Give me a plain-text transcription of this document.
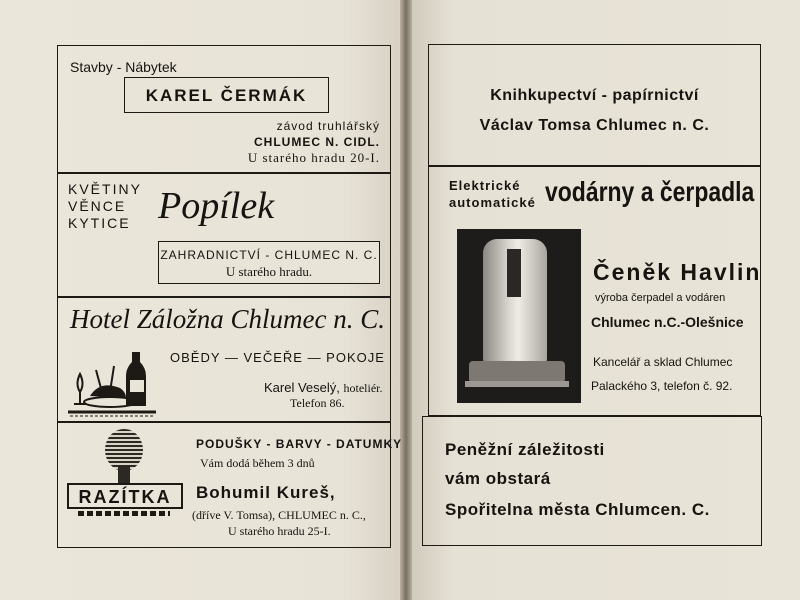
Stavby - Nábytek
KAREL ČERMÁK
závod truhlářský
CHLUMEC N. CIDL.
U starého hradu 20-I.
KVĚTINY
VĚNCE
KYTICE Popílek
ZAHRADNICTVÍ - CHLUMEC N. C.
U starého hradu.
Hotel Záložna Chlumec n. C.
OBĚDY — VEČEŘE — POKOJE
Karel Veselý, hoteliér.
Telefon 86.
PODUŠKY - BARVY - DATUMKY
Vám dodá během 3 dnů
RAZÍTKA	Bohumil Kureš,
(dříve V. Tomsa), CHLUMEC n. C.,
U starého hradu 25-I.
Knihkupectví - papírnictví
Václav Tomsa Chlumec n. C.
Elektrické
automatické vodárny a čerpadla
Čeněk Havlin
výroba čerpadel a vodáren
Chlumec n.C.-Olešnice
Kancelář a sklad Chlumec
Palackého 3, telefon č. 92.
Peněžní záležitosti
vám obstará
Spořitelna města Chlumcen. C.
